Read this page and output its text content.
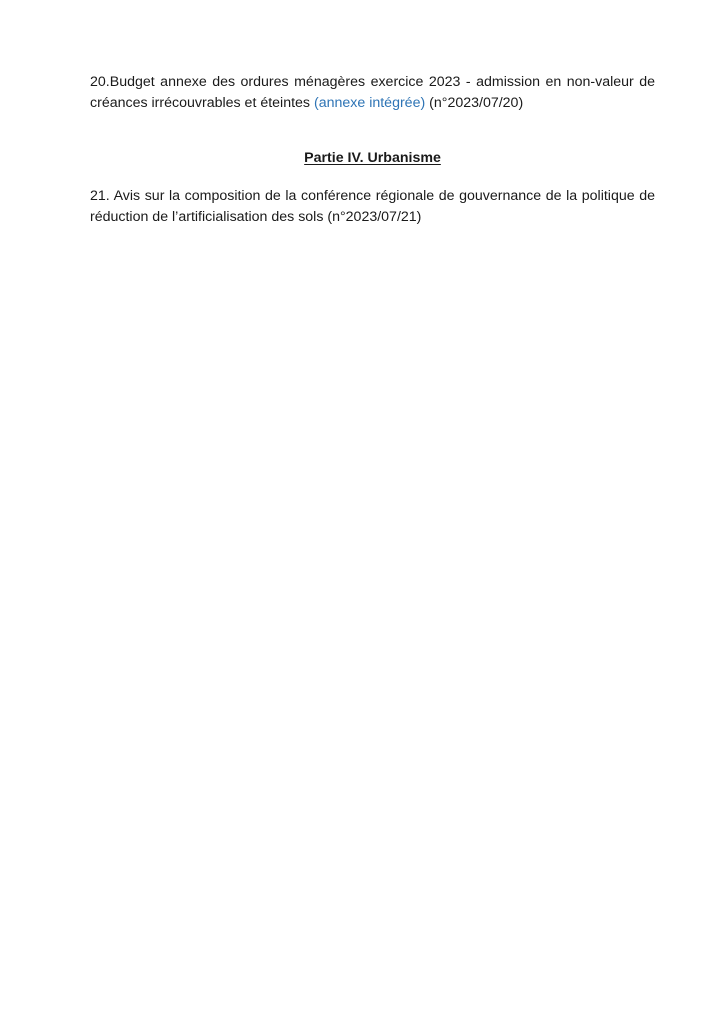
20.Budget annexe des ordures ménagères exercice 2023 - admission en non-valeur de créances irrécouvrables et éteintes (annexe intégrée) (n°2023/07/20)

Partie IV. Urbanisme

21. Avis sur la composition de la conférence régionale de gouvernance de la politique de réduction de l’artificialisation des sols (n°2023/07/21)
